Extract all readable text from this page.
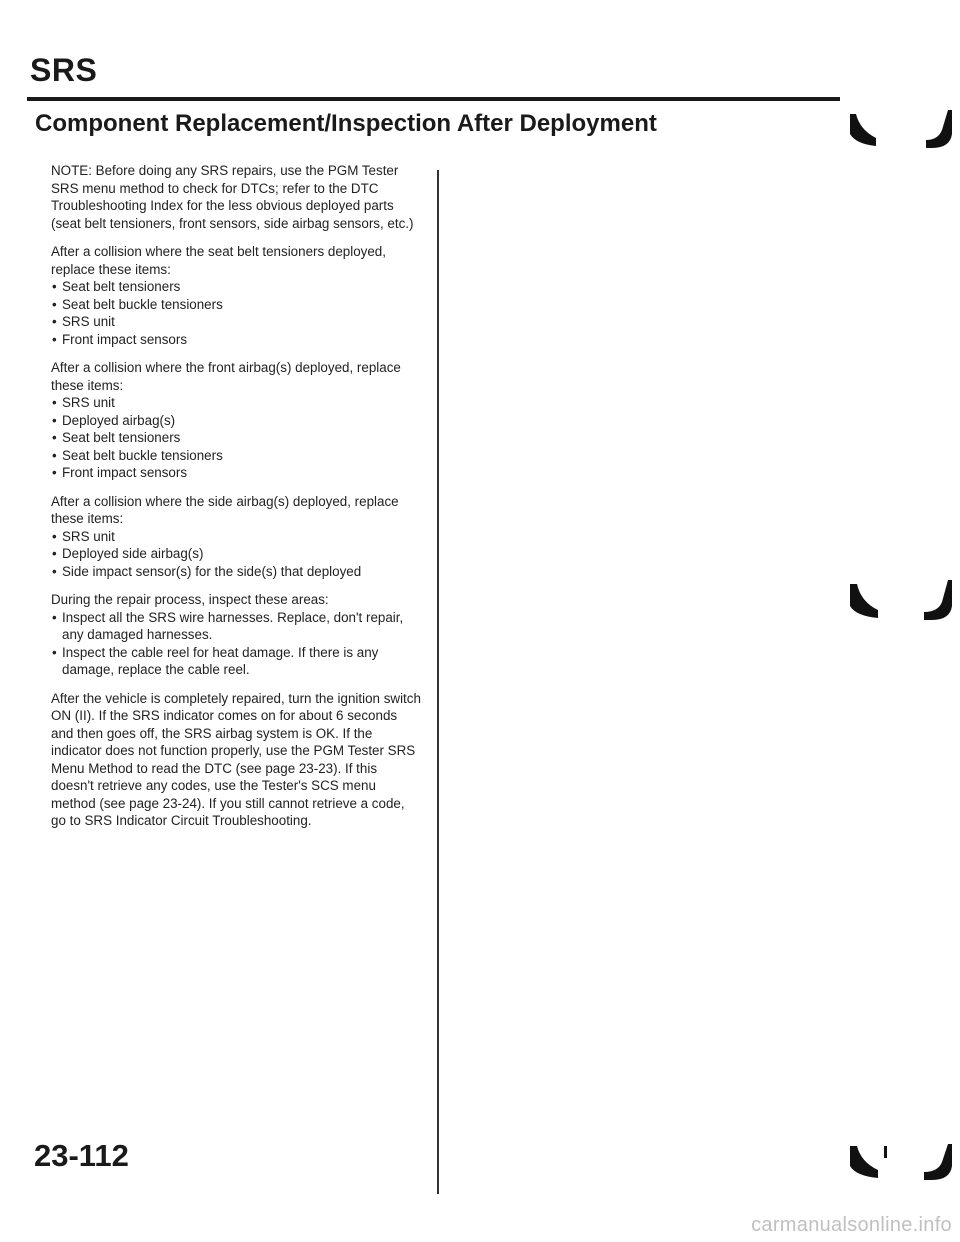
SRS
Component Replacement/Inspection After Deployment

NOTE: Before doing any SRS repairs, use the PGM Tester SRS menu method to check for DTCs; refer to the DTC Troubleshooting Index for the less obvious deployed parts (seat belt tensioners, front sensors, side airbag sensors, etc.)

After a collision where the seat belt tensioners deployed, replace these items:

• Seat belt tensioners
• Seat belt buckle tensioners
• SRS unit
• Front impact sensors

After a collision where the front airbag(s) deployed, replace these items:

• SRS unit
• Deployed airbag(s)
• Seat belt tensioners
• Seat belt buckle tensioners
• Front impact sensors

After a collision where the side airbag(s) deployed, replace these items:

• SRS unit
• Deployed side airbag(s)
• Side impact sensor(s) for the side(s) that deployed

During the repair process, inspect these areas:

• Inspect all the SRS wire harnesses. Replace, don't repair, any damaged harnesses.
• Inspect the cable reel for heat damage. If there is any damage, replace the cable reel.

After the vehicle is completely repaired, turn the ignition switch ON (II). If the SRS indicator comes on for about 6 seconds and then goes off, the SRS airbag system is OK. If the indicator does not function properly, use the PGM Tester SRS Menu Method to read the DTC (see page 23-23). If this doesn't retrieve any codes, use the Tester's SCS menu method (see page 23-24). If you still cannot retrieve a code, go to SRS Indicator Circuit Troubleshooting.

23-112
carmanualsonline.info
